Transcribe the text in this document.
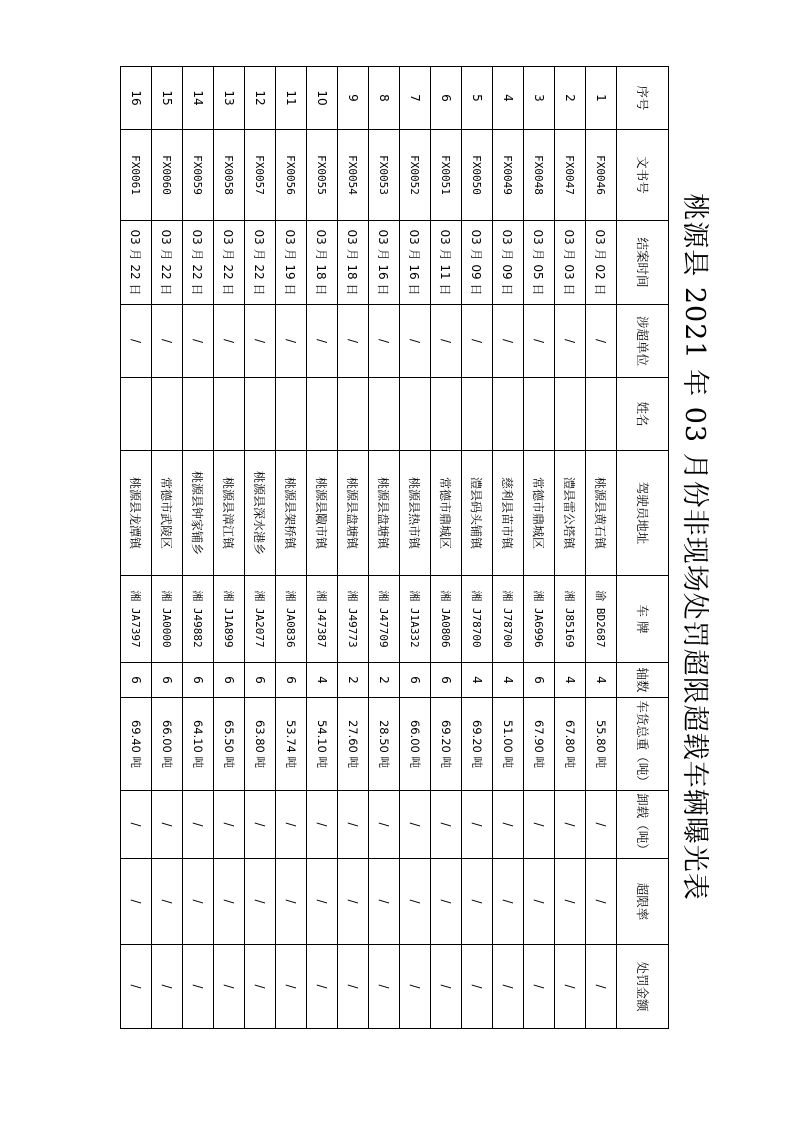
桃源县 2021 年 03 月份非现场处罚超限超载车辆曝光表
序号	文书号	结案时间	涉超单位	姓名	驾驶员地址	车 牌	轴数	车货总重（吨）	卸载（吨）	超限率	处罚金额
1	FX0046	03 月 02 日	/		桃源县黄石镇	渝 BD2687	4	55.80 吨	/	/	/
2	FX0047	03 月 03 日	/		澧县雷公塔镇	湘 J85169	4	67.80 吨	/	/	/
3	FX0048	03 月 05 日	/		常德市鼎城区	湘 JA6996	6	67.90 吨	/	/	/
4	FX0049	03 月 09 日	/		慈利县苗市镇	湘 J78700	4	51.00 吨	/	/	/
5	FX0050	03 月 09 日	/		澧县码头铺镇	湘 J78700	4	69.20 吨	/	/	/
6	FX0051	03 月 11 日	/		常德市鼎城区	湘 JA0806	6	69.20 吨	/	/	/
7	FX0052	03 月 16 日	/		桃源县热市镇	湘 J1A332	6	66.00 吨	/	/	/
8	FX0053	03 月 16 日	/		桃源县盘塘镇	湘 J47709	2	28.50 吨	/	/	/
9	FX0054	03 月 18 日	/		桃源县盘塘镇	湘 J49773	2	27.60 吨	/	/	/
10	FX0055	03 月 18 日	/		桃源县陬市镇	湘 J47387	4	54.10 吨	/	/	/
11	FX0056	03 月 19 日	/		桃源县架桥镇	湘 JA0836	6	53.74 吨	/	/	/
12	FX0057	03 月 22 日	/		桃源县深水港乡	湘 JA2077	6	63.80 吨	/	/	/
13	FX0058	03 月 22 日	/		桃源县漳江镇	湘 J1A899	6	65.50 吨	/	/	/
14	FX0059	03 月 22 日	/		桃源县钟家铺乡	湘 J49882	6	64.10 吨	/	/	/
15	FX0060	03 月 22 日	/		常德市武陵区	湘 JA0000	6	66.00 吨	/	/	/
16	FX0061	03 月 22 日	/		桃源县龙潭镇	湘 JA7397	6	69.40 吨	/	/	/
